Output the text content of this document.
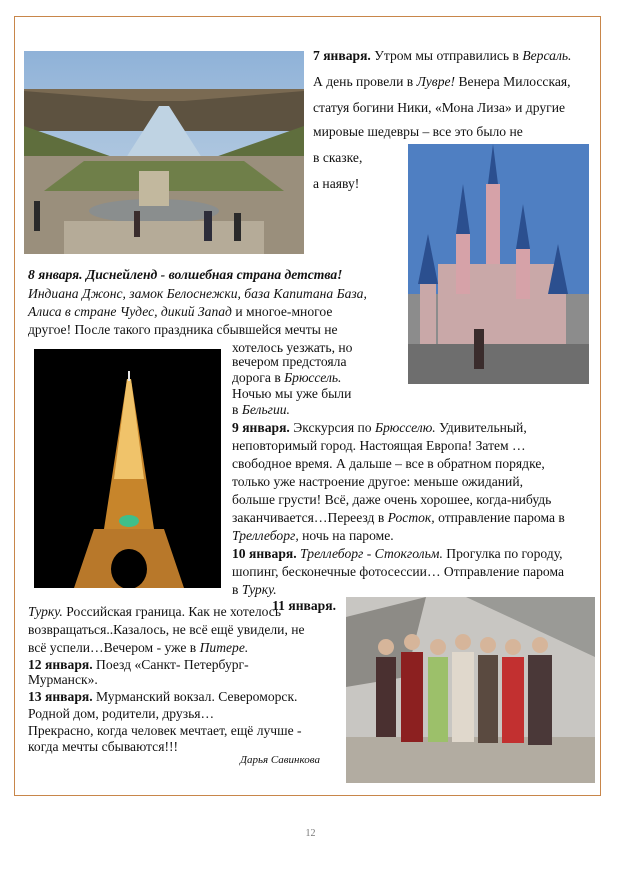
7 января. Утром мы отправились в Версаль.

А день провели в Лувре! Венера Милосская,

статуя богини Ники, «Мона Лиза» и другие

мировые шедевры – все это было не

в сказке,

а наяву!

8 января. Диснейленд - волшебная страна детства!

Индиана Джонс, замок Белоснежки, база Капитана База,

Алиса в стране Чудес, дикий Запад и многое-многое

другое! После такого праздника сбывшейся мечты не

хотелось уезжать, но

вечером предстояла

дорога в Брюссель.

Ночью мы уже были

в Бельгии.

9 января. Экскурсия по Брюсселю. Удивительный,

неповторимый город. Настоящая Европа! Затем …

свободное время. А дальше – все в обратном порядке,

только уже настроение другое: меньше ожиданий,

больше грусти! Всё, даже очень хорошее, когда-нибудь

заканчивается…Переезд в Росток, отправление парома в

Треллеборг, ночь на пароме.

10 января. Треллеборг - Стокгольм. Прогулка по городу,

шопинг, бесконечные фотосессии… Отправление парома

в Турку.

11 января.

Турку. Российская граница. Как не хотелось

возвращаться..Казалось, не всё ещё увидели, не

всё успели…Вечером - уже в Питере.

12 января. Поезд «Санкт- Петербург-

Мурманск».

13 января. Мурманский вокзал. Североморск.

Родной дом, родители, друзья…

Прекрасно, когда человек мечтает, ещё лучше -

когда мечты сбываются!!!

Дарья Савинкова
12
